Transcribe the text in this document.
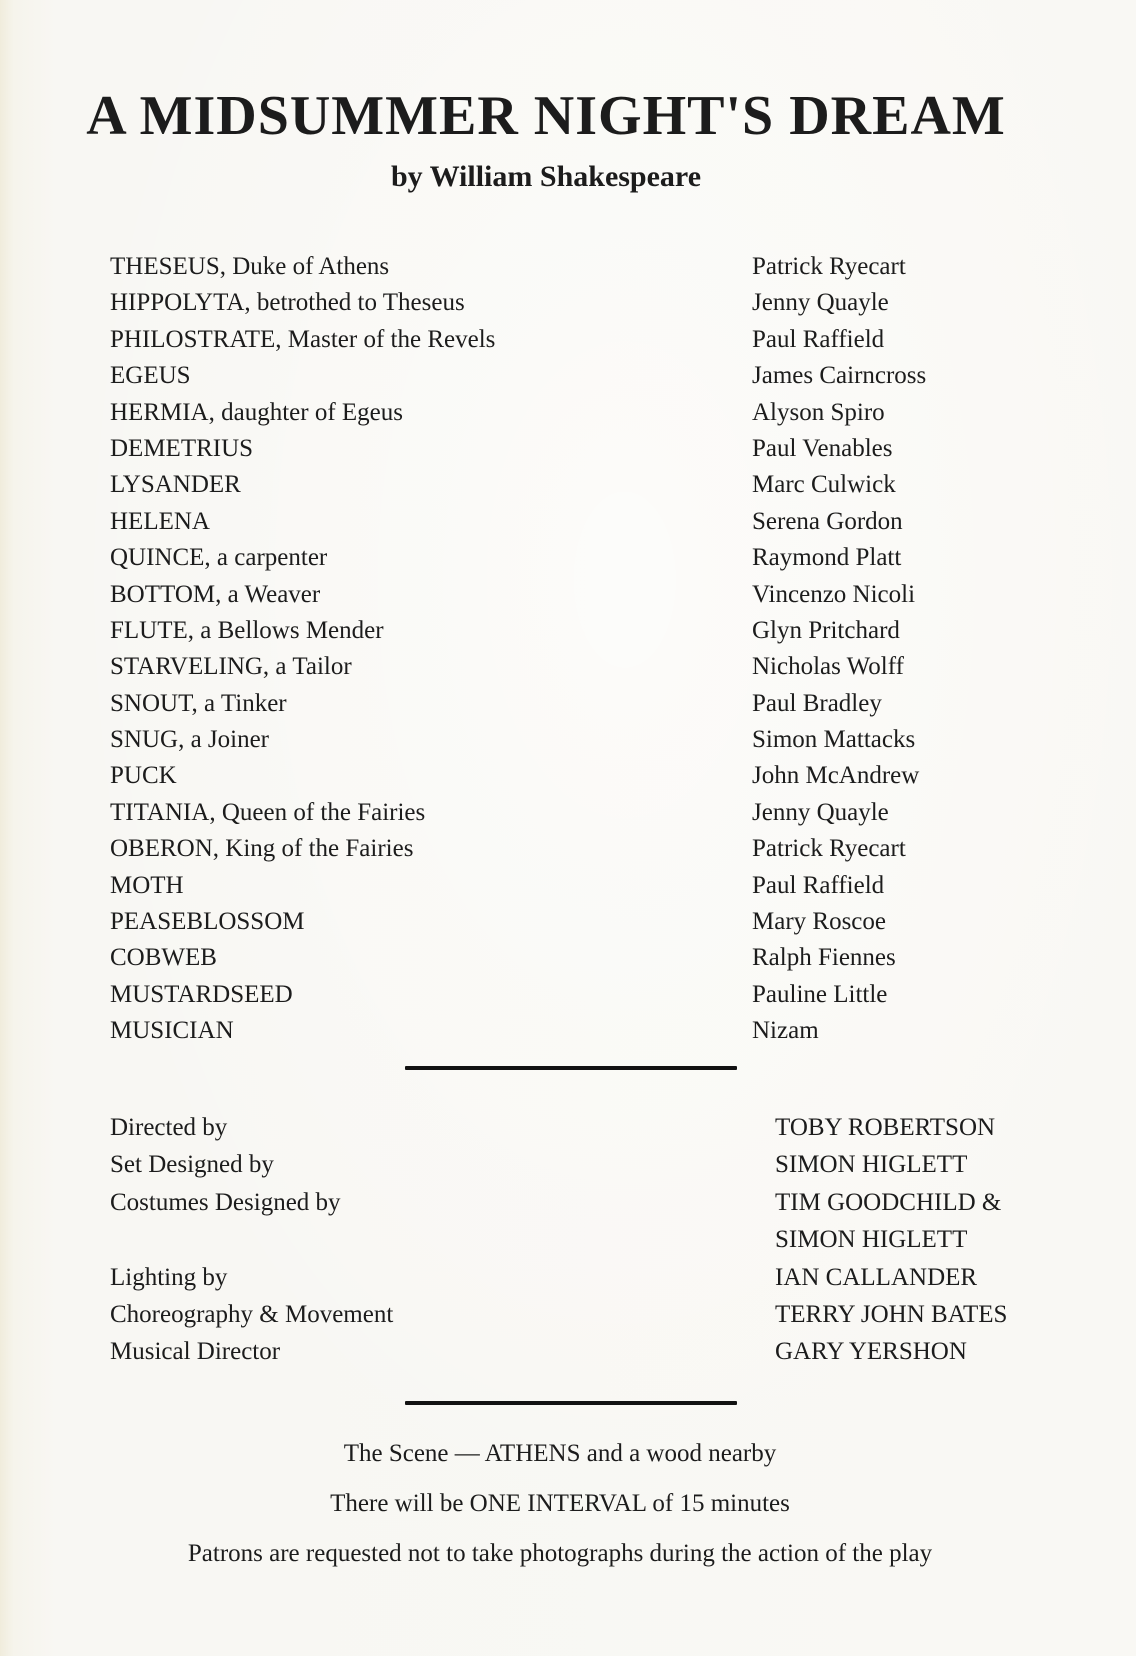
A MIDSUMMER NIGHT'S DREAM
by William Shakespeare
THESEUS, Duke of Athens	Patrick Ryecart
HIPPOLYTA, betrothed to Theseus	Jenny Quayle
PHILOSTRATE, Master of the Revels	Paul Raffield
EGEUS	James Cairncross
HERMIA, daughter of Egeus	Alyson Spiro
DEMETRIUS	Paul Venables
LYSANDER	Marc Culwick
HELENA	Serena Gordon
QUINCE, a carpenter	Raymond Platt
BOTTOM, a Weaver	Vincenzo Nicoli
FLUTE, a Bellows Mender	Glyn Pritchard
STARVELING, a Tailor	Nicholas Wolff
SNOUT, a Tinker	Paul Bradley
SNUG, a Joiner	Simon Mattacks
PUCK	John McAndrew
TITANIA, Queen of the Fairies	Jenny Quayle
OBERON, King of the Fairies	Patrick Ryecart
MOTH	Paul Raffield
PEASEBLOSSOM	Mary Roscoe
COBWEB	Ralph Fiennes
MUSTARDSEED	Pauline Little
MUSICIAN	Nizam
Directed by	TOBY ROBERTSON
Set Designed by	SIMON HIGLETT
Costumes Designed by	TIM GOODCHILD &
SIMON HIGLETT
Lighting by	IAN CALLANDER
Choreography & Movement	TERRY JOHN BATES
Musical Director	GARY YERSHON

The Scene — ATHENS and a wood nearby

There will be ONE INTERVAL of 15 minutes

Patrons are requested not to take photographs during the action of the play
